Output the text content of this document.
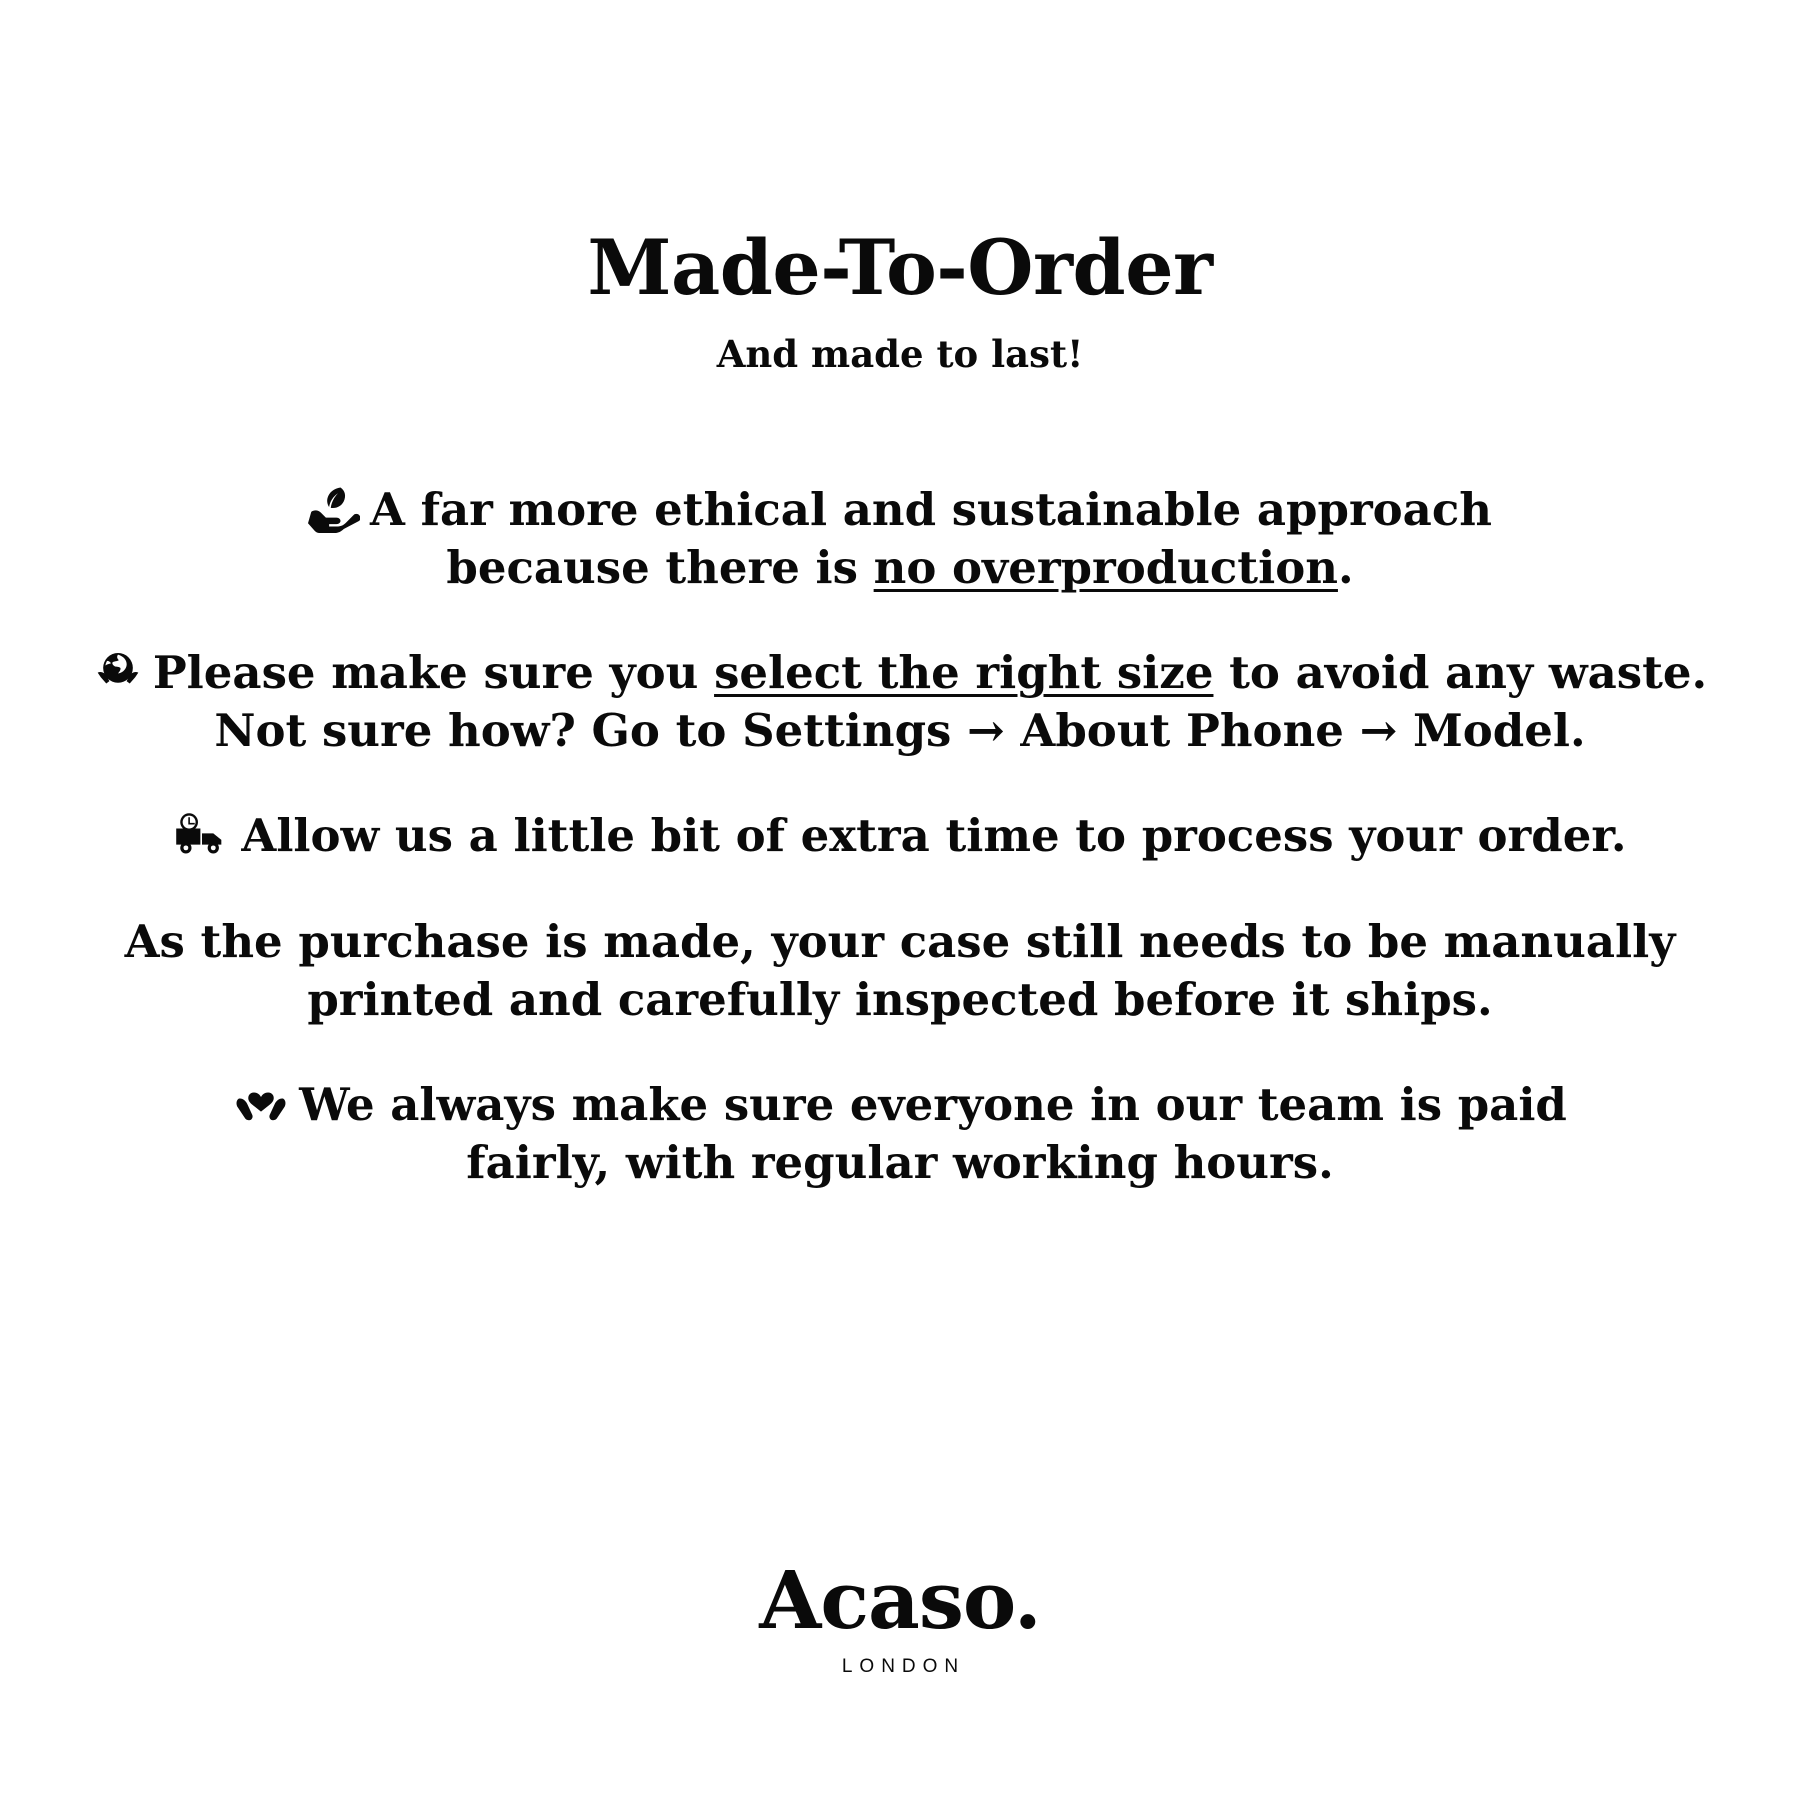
Made-To-Order
And made to last!
A far more ethical and sustainable approach because there is no overproduction.
Please make sure you select the right size to avoid any waste. Not sure how? Go to Settings → About Phone → Model.
Allow us a little bit of extra time to process your order.
As the purchase is made, your case still needs to be manually printed and carefully inspected before it ships.
We always make sure everyone in our team is paid fairly, with regular working hours.
Acaso.
LONDON
